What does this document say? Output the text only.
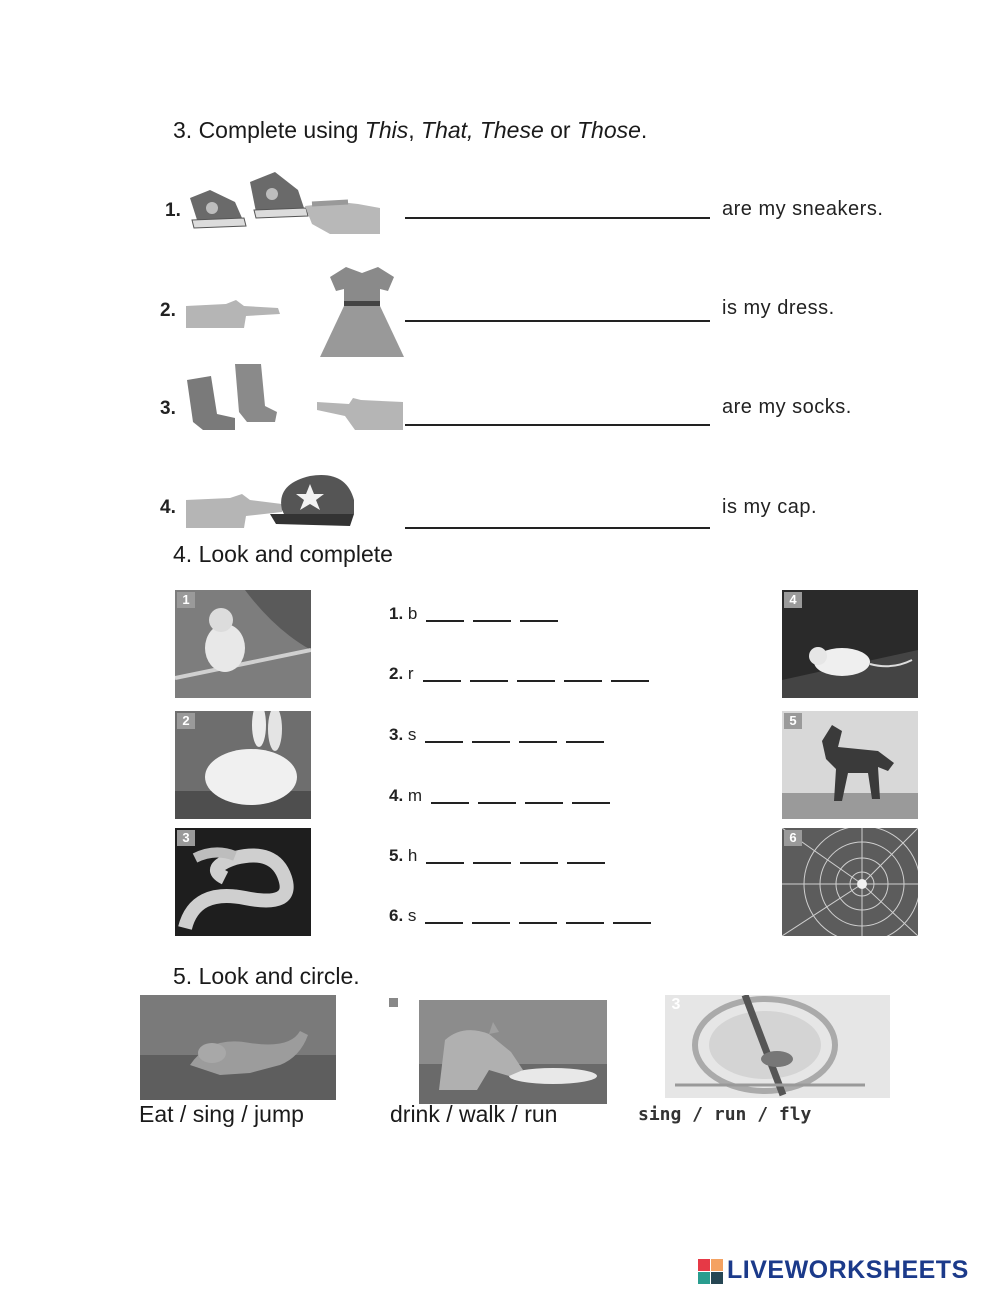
3. Complete using This, That, These or Those.
1.	are my sneakers.
2.	is my dress.
3.	are my socks.
4.	is my cap.
4. Look and complete
1
2
3
1. b
2. r
3. s
4. m
5. h
6. s
4
5
6
5. Look and circle.
3
Eat / sing / jump	drink / walk / run	sing / run / fly
LIVEWORKSHEETS
